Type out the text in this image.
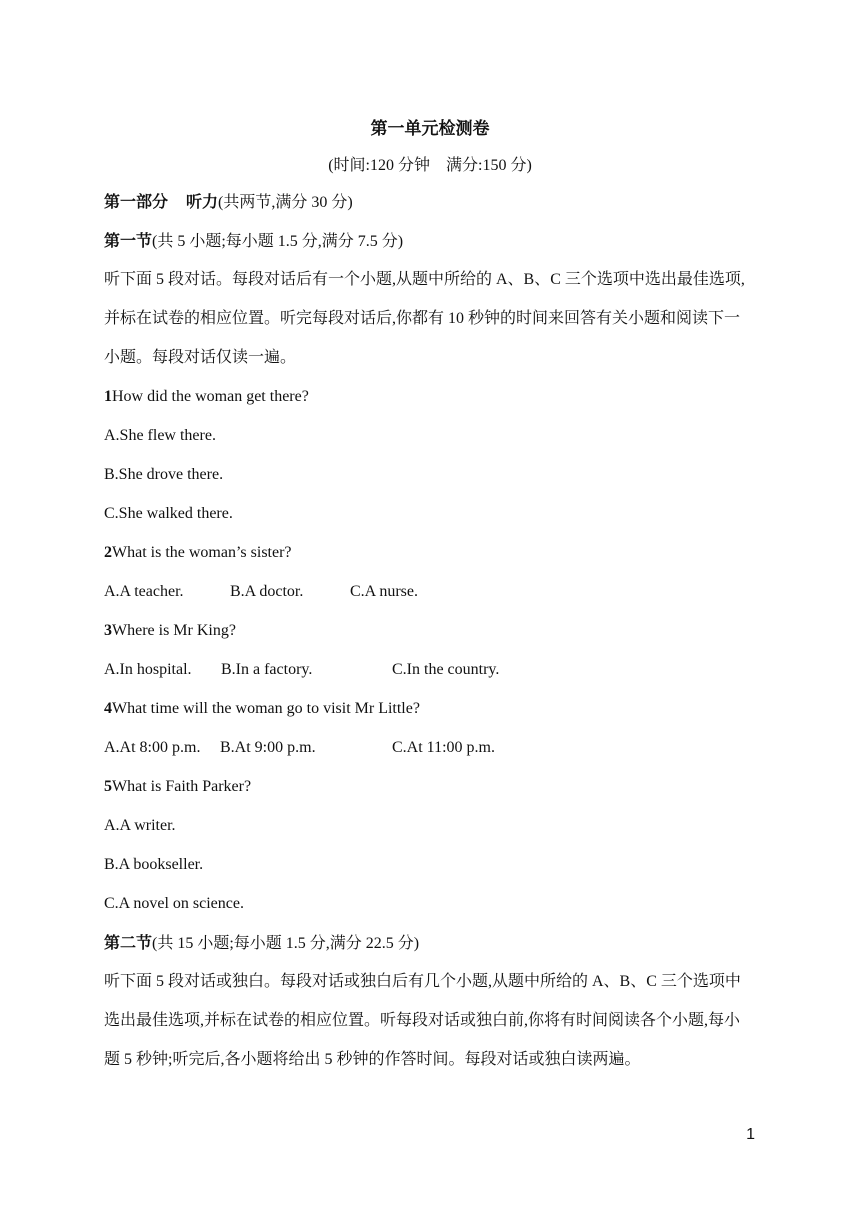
第一单元检测卷
(时间:120 分钟　满分:150 分)
第一部分 听力(共两节,满分 30 分)
第一节(共 5 小题;每小题 1.5 分,满分 7.5 分)
听下面 5 段对话。每段对话后有一个小题,从题中所给的 A、B、C 三个选项中选出最佳选项,并标在试卷的相应位置。听完每段对话后,你都有 10 秒钟的时间来回答有关小题和阅读下一小题。每段对话仅读一遍。
1How did the woman get there?
A.She flew there.
B.She drove there.
C.She walked there.
2What is the woman’s sister?
A.A teacher.	B.A doctor.	C.A nurse.
3Where is Mr King?
A.In hospital. B.In a factory.	C.In the country.
4What time will the woman go to visit Mr Little?
A.At 8:00 p.m. B.At 9:00 p.m.	C.At 11:00 p.m.
5What is Faith Parker?
A.A writer.
B.A bookseller.
C.A novel on science.
第二节(共 15 小题;每小题 1.5 分,满分 22.5 分)
听下面 5 段对话或独白。每段对话或独白后有几个小题,从题中所给的 A、B、C 三个选项中选出最佳选项,并标在试卷的相应位置。听每段对话或独白前,你将有时间阅读各个小题,每小题 5 秒钟;听完后,各小题将给出 5 秒钟的作答时间。每段对话或独白读两遍。
1
